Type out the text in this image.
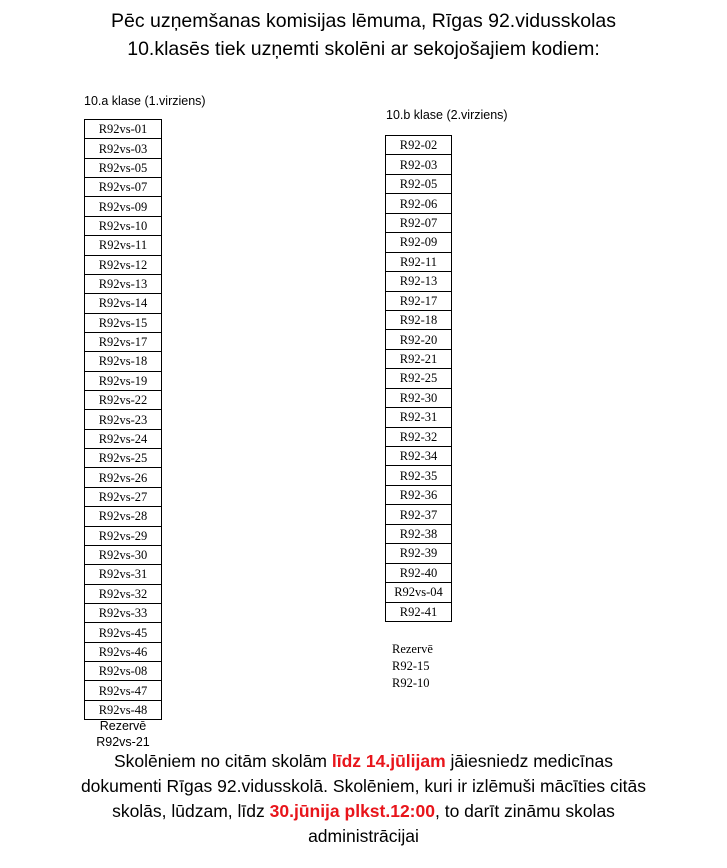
Pēc uzņemšanas komisijas lēmuma, Rīgas 92.vidusskolas
10.klasēs tiek uzņemti skolēni ar sekojošajiem kodiem:
10.a klase (1.virziens)
R92vs-01
R92vs-03
R92vs-05
R92vs-07
R92vs-09
R92vs-10
R92vs-11
R92vs-12
R92vs-13
R92vs-14
R92vs-15
R92vs-17
R92vs-18
R92vs-19
R92vs-22
R92vs-23
R92vs-24
R92vs-25
R92vs-26
R92vs-27
R92vs-28
R92vs-29
R92vs-30
R92vs-31
R92vs-32
R92vs-33
R92vs-45
R92vs-46
R92vs-08
R92vs-47
R92vs-48
Rezervē
R92vs-21
10.b klase (2.virziens)
R92-02
R92-03
R92-05
R92-06
R92-07
R92-09
R92-11
R92-13
R92-17
R92-18
R92-20
R92-21
R92-25
R92-30
R92-31
R92-32
R92-34
R92-35
R92-36
R92-37
R92-38
R92-39
R92-40
R92vs-04
R92-41
Rezervē
R92-15
R92-10
Skolēniem no citām skolām līdz 14.jūlijam jāiesniedz medicīnas
dokumenti Rīgas 92.vidusskolā. Skolēniem, kuri ir izlēmuši mācīties citās
skolās, lūdzam, līdz 30.jūnija plkst.12:00, to darīt zināmu skolas
administrācijai
